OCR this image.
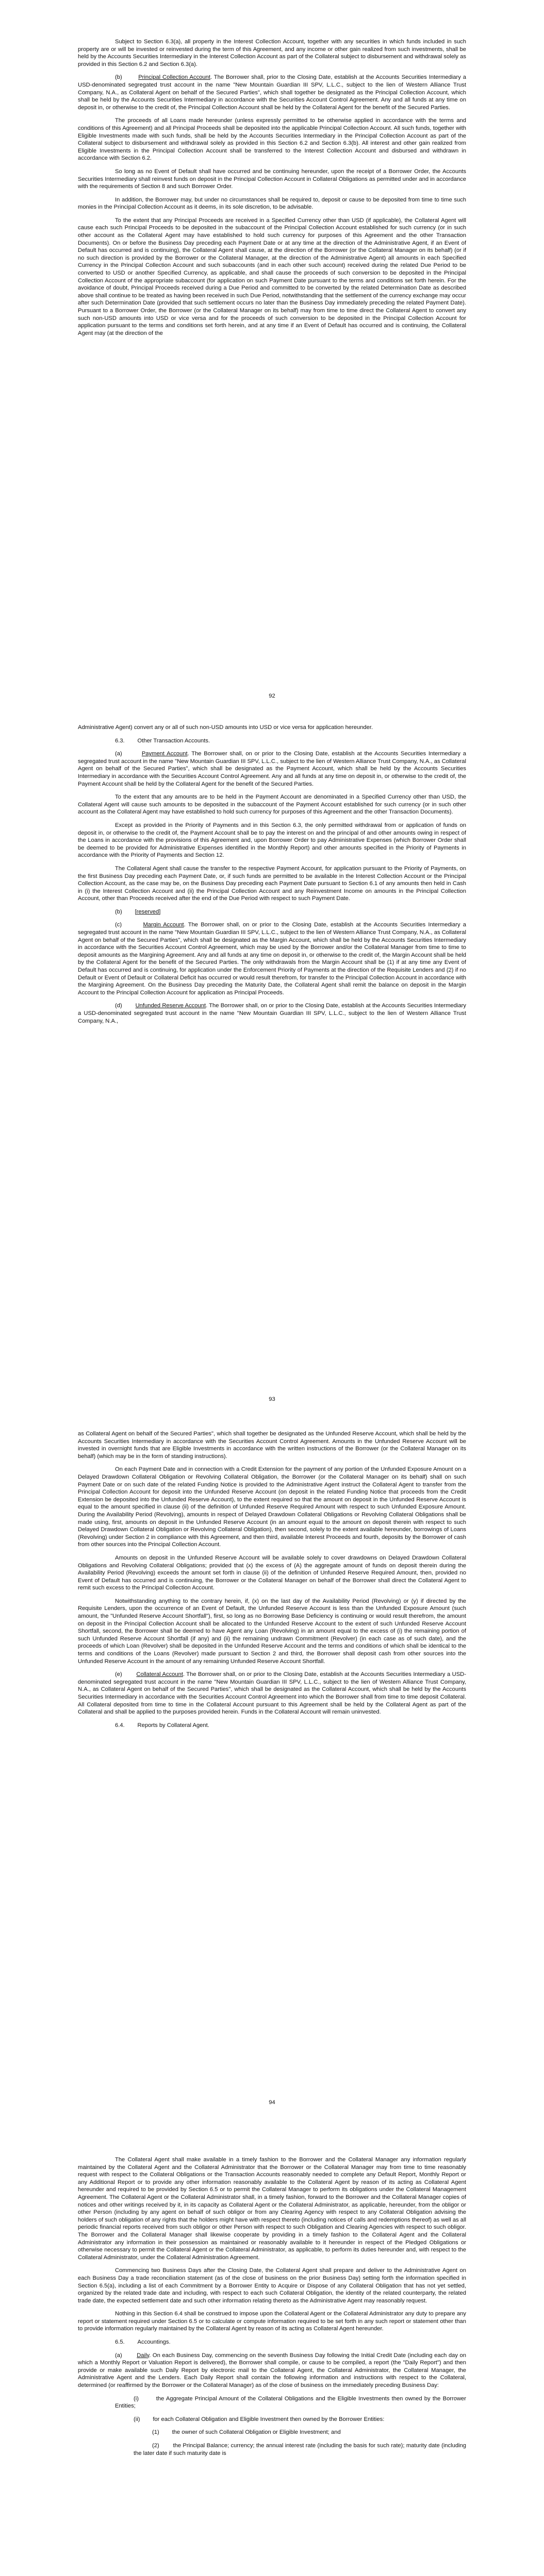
Subject to Section 6.3(a), all property in the Interest Collection Account, together with any securities in which funds included in such property are or will be invested or reinvested during the term of this Agreement, and any income or other gain realized from such investments, shall be held by the Accounts Securities Intermediary in the Interest Collection Account as part of the Collateral subject to disbursement and withdrawal solely as provided in this Section 6.2 and Section 6.3(a).

(b)	Principal Collection Account. The Borrower shall, prior to the Closing Date, establish at the Accounts Securities Intermediary a USD-denominated segregated trust account in the name "New Mountain Guardian III SPV, L.L.C., subject to the lien of Western Alliance Trust Company, N.A., as Collateral Agent on behalf of the Secured Parties", which shall together be designated as the Principal Collection Account, which shall be held by the Accounts Securities Intermediary in accordance with the Securities Account Control Agreement. Any and all funds at any time on deposit in, or otherwise to the credit of, the Principal Collection Account shall be held by the Collateral Agent for the benefit of the Secured Parties.

The proceeds of all Loans made hereunder (unless expressly permitted to be otherwise applied in accordance with the terms and conditions of this Agreement) and all Principal Proceeds shall be deposited into the applicable Principal Collection Account. All such funds, together with Eligible Investments made with such funds, shall be held by the Accounts Securities Intermediary in the Principal Collection Account as part of the Collateral subject to disbursement and withdrawal solely as provided in this Section 6.2 and Section 6.3(b). All interest and other gain realized from Eligible Investments in the Principal Collection Account shall be transferred to the Interest Collection Account and disbursed and withdrawn in accordance with Section 6.2.

So long as no Event of Default shall have occurred and be continuing hereunder, upon the receipt of a Borrower Order, the Accounts Securities Intermediary shall reinvest funds on deposit in the Principal Collection Account in Collateral Obligations as permitted under and in accordance with the requirements of Section 8 and such Borrower Order.

In addition, the Borrower may, but under no circumstances shall be required to, deposit or cause to be deposited from time to time such monies in the Principal Collection Account as it deems, in its sole discretion, to be advisable.

To the extent that any Principal Proceeds are received in a Specified Currency other than USD (if applicable), the Collateral Agent will cause each such Principal Proceeds to be deposited in the subaccount of the Principal Collection Account established for such currency (or in such other account as the Collateral Agent may have established to hold such currency for purposes of this Agreement and the other Transaction Documents). On or before the Business Day preceding each Payment Date or at any time at the direction of the Administrative Agent, if an Event of Default has occurred and is continuing), the Collateral Agent shall cause, at the direction of the Borrower (or the Collateral Manager on its behalf) (or if no such direction is provided by the Borrower or the Collateral Manager, at the direction of the Administrative Agent) all amounts in each Specified Currency in the Principal Collection Account and such subaccounts (and in each other such account) received during the related Due Period to be converted to USD or another Specified Currency, as applicable, and shall cause the proceeds of such conversion to be deposited in the Principal Collection Account of the appropriate subaccount (for application on such Payment Date pursuant to the terms and conditions set forth herein. For the avoidance of doubt, Principal Proceeds received during a Due Period and committed to be converted by the related Determination Date as described above shall continue to be treated as having been received in such Due Period, notwithstanding that the settlement of the currency exchange may occur after such Determination Date (provided that such settlement occurs no later than the Business Day immediately preceding the related Payment Date). Pursuant to a Borrower Order, the Borrower (or the Collateral Manager on its behalf) may from time to time direct the Collateral Agent to convert any such non-USD amounts into USD or vice versa and for the proceeds of such conversion to be deposited in the Principal Collection Account for application pursuant to the terms and conditions set forth herein, and at any time if an Event of Default has occurred and is continuing, the Collateral Agent may (at the direction of the

92

Administrative Agent) convert any or all of such non-USD amounts into USD or vice versa for application hereunder.

6.3. Other Transaction Accounts.

(a)	Payment Account. The Borrower shall, on or prior to the Closing Date, establish at the Accounts Securities Intermediary a segregated trust account in the name "New Mountain Guardian III SPV, L.L.C., subject to the lien of Western Alliance Trust Company, N.A., as Collateral Agent on behalf of the Secured Parties", which shall be designated as the Payment Account, which shall be held by the Accounts Securities Intermediary in accordance with the Securities Account Control Agreement. Any and all funds at any time on deposit in, or otherwise to the credit of, the Payment Account shall be held by the Collateral Agent for the benefit of the Secured Parties.

To the extent that any amounts are to be held in the Payment Account are denominated in a Specified Currency other than USD, the Collateral Agent will cause such amounts to be deposited in the subaccount of the Payment Account established for such currency (or in such other account as the Collateral Agent may have established to hold such currency for purposes of this Agreement and the other Transaction Documents).

Except as provided in the Priority of Payments and in this Section 6.3, the only permitted withdrawal from or application of funds on deposit in, or otherwise to the credit of, the Payment Account shall be to pay the interest on and the principal of and other amounts owing in respect of the Loans in accordance with the provisions of this Agreement and, upon Borrower Order to pay Administrative Expenses (which Borrower Order shall be deemed to be provided for Administrative Expenses identified in the Monthly Report) and other amounts specified in the Priority of Payments in accordance with the Priority of Payments and Section 12.

The Collateral Agent shall cause the transfer to the respective Payment Account, for application pursuant to the Priority of Payments, on the first Business Day preceding each Payment Date, or, if such funds are permitted to be available in the Interest Collection Account or the Principal Collection Account, as the case may be, on the Business Day preceding each Payment Date pursuant to Section 6.1 of any amounts then held in Cash in (i) the Interest Collection Account and (ii) the Principal Collection Account and any Reinvestment Income on amounts in the Principal Collection Account, other than Proceeds received after the end of the Due Period with respect to such Payment Date.

(b) [reserved]

(c)	Margin Account. The Borrower shall, on or prior to the Closing Date, establish at the Accounts Securities Intermediary a segregated trust account in the name "New Mountain Guardian III SPV, L.L.C., subject to the lien of Western Alliance Trust Company, N.A., as Collateral Agent on behalf of the Secured Parties", which shall be designated as the Margin Account, which shall be held by the Accounts Securities Intermediary in accordance with the Securities Account Control Agreement, which may be used by the Borrower and/or the Collateral Manager from time to time to deposit amounts as the Margining Agreement. Any and all funds at any time on deposit in, or otherwise to the credit of, the Margin Account shall be held by the Collateral Agent for the benefit of the Secured Parties. The only withdrawals from the Margin Account shall be (1) if at any time any Event of Default has occurred and is continuing, for application under the Enforcement Priority of Payments at the direction of the Requisite Lenders and (2) if no Default or Event of Default or Collateral Deficit has occurred or would result therefrom, for transfer to the Principal Collection Account in accordance with the Margining Agreement. On the Business Day preceding the Maturity Date, the Collateral Agent shall remit the balance on deposit in the Margin Account to the Principal Collection Account for application as Principal Proceeds.

(d) Unfunded Reserve Account. The Borrower shall, on or prior to the Closing Date, establish at the Accounts Securities Intermediary a USD-denominated segregated trust account in the name "New Mountain Guardian III SPV, L.L.C., subject to the lien of Western Alliance Trust Company, N.A.,

93

as Collateral Agent on behalf of the Secured Parties", which shall together be designated as the Unfunded Reserve Account, which shall be held by the Accounts Securities Intermediary in accordance with the Securities Account Control Agreement. Amounts in the Unfunded Reserve Account will be invested in overnight funds that are Eligible Investments in accordance with the written instructions of the Borrower (or the Collateral Manager on its behalf) (which may be in the form of standing instructions).

On each Payment Date and in connection with a Credit Extension for the payment of any portion of the Unfunded Exposure Amount on a Delayed Drawdown Collateral Obligation or Revolving Collateral Obligation, the Borrower (or the Collateral Manager on its behalf) shall on such Payment Date or on such date of the related Funding Notice is provided to the Administrative Agent instruct the Collateral Agent to transfer from the Principal Collection Account for deposit into the Unfunded Reserve Account (on deposit in the related Funding Notice that proceeds from the Credit Extension be deposited into the Unfunded Reserve Account), to the extent required so that the amount on deposit in the Unfunded Reserve Account is equal to the amount specified in clause (ii) of the definition of Unfunded Reserve Required Amount with respect to such Unfunded Exposure Amount. During the Availability Period (Revolving), amounts in respect of Delayed Drawdown Collateral Obligations or Revolving Collateral Obligations shall be made using, first, amounts on deposit in the Unfunded Reserve Account (in an amount equal to the amount on deposit therein with respect to such Delayed Drawdown Collateral Obligation or Revolving Collateral Obligation), then second, solely to the extent available hereunder, borrowings of Loans (Revolving) under Section 2 in compliance with this Agreement, and then third, available Interest Proceeds and fourth, deposits by the Borrower of cash from other sources into the Principal Collection Account.

Amounts on deposit in the Unfunded Reserve Account will be available solely to cover drawdowns on Delayed Drawdown Collateral Obligations and Revolving Collateral Obligations; provided that (x) the excess of (A) the aggregate amount of funds on deposit therein during the Availability Period (Revolving) exceeds the amount set forth in clause (ii) of the definition of Unfunded Reserve Required Amount, then, provided no Event of Default has occurred and is continuing, the Borrower or the Collateral Manager on behalf of the Borrower shall direct the Collateral Agent to remit such excess to the Principal Collection Account.

Notwithstanding anything to the contrary herein, if, (x) on the last day of the Availability Period (Revolving) or (y) if directed by the Requisite Lenders, upon the occurrence of an Event of Default, the Unfunded Reserve Account is less than the Unfunded Exposure Amount (such amount, the "Unfunded Reserve Account Shortfall"), first, so long as no Borrowing Base Deficiency is continuing or would result therefrom, the amount on deposit in the Principal Collection Account shall be allocated to the Unfunded Reserve Account to the extent of such Unfunded Reserve Account Shortfall, second, the Borrower shall be deemed to have Agent any Loan (Revolving) in an amount equal to the excess of (i) the remaining portion of such Unfunded Reserve Account Shortfall (if any) and (ii) the remaining undrawn Commitment (Revolver) (in each case as of such date), and the proceeds of which Loan (Revolver) shall be deposited in the Unfunded Reserve Account and the terms and conditions of which shall be identical to the terms and conditions of the Loans (Revolver) made pursuant to Section 2 and third, the Borrower shall deposit cash from other sources into the Unfunded Reserve Account in the amount of any remaining Unfunded Reserve Account Shortfall.

(e) Collateral Account. The Borrower shall, on or prior to the Closing Date, establish at the Accounts Securities Intermediary a USD-denominated segregated trust account in the name "New Mountain Guardian III SPV, L.L.C., subject to the lien of Western Alliance Trust Company, N.A., as Collateral Agent on behalf of the Secured Parties", which shall be designated as the Collateral Account, which shall be held by the Accounts Securities Intermediary in accordance with the Securities Account Control Agreement into which the Borrower shall from time to time deposit Collateral. All Collateral deposited from time to time in the Collateral Account pursuant to this Agreement shall be held by the Collateral Agent as part of the Collateral and shall be applied to the purposes provided herein. Funds in the Collateral Account will remain uninvested.

6.4. Reports by Collateral Agent.

94

The Collateral Agent shall make available in a timely fashion to the Borrower and the Collateral Manager any information regularly maintained by the Collateral Agent and the Collateral Administrator that the Borrower or the Collateral Manager may from time to time reasonably request with respect to the Collateral Obligations or the Transaction Accounts reasonably needed to complete any Default Report, Monthly Report or any Additional Report or to provide any other information reasonably available to the Collateral Agent by reason of its acting as Collateral Agent hereunder and required to be provided by Section 6.5 or to permit the Collateral Manager to perform its obligations under the Collateral Management Agreement. The Collateral Agent or the Collateral Administrator shall, in a timely fashion, forward to the Borrower and the Collateral Manager copies of notices and other writings received by it, in its capacity as Collateral Agent or the Collateral Administrator, as applicable, hereunder, from the obligor or other Person (including by any agent on behalf of such obligor or from any Clearing Agency with respect to any Collateral Obligation advising the holders of such obligation of any rights that the holders might have with respect thereto (including notices of calls and redemptions thereof) as well as all periodic financial reports received from such obligor or other Person with respect to such Obligation and Clearing Agencies with respect to such obligor. The Borrower and the Collateral Manager shall likewise cooperate by providing in a timely fashion to the Collateral Agent and the Collateral Administrator any information in their possession as maintained or reasonably available to it hereunder in respect of the Pledged Obligations or otherwise necessary to permit the Collateral Agent or the Collateral Administrator, as applicable, to perform its duties hereunder and, with respect to the Collateral Administrator, under the Collateral Administration Agreement.

Commencing two Business Days after the Closing Date, the Collateral Agent shall prepare and deliver to the Administrative Agent on each Business Day a trade reconciliation statement (as of the close of business on the prior Business Day) setting forth the information specified in Section 6.5(a), including a list of each Commitment by a Borrower Entity to Acquire or Dispose of any Collateral Obligation that has not yet settled, organized by the related trade date and including, with respect to each such Collateral Obligation, the identity of the related counterparty, the related trade date, the expected settlement date and such other information relating thereto as the Administrative Agent may reasonably request.

Nothing in this Section 6.4 shall be construed to impose upon the Collateral Agent or the Collateral Administrator any duty to prepare any report or statement required under Section 6.5 or to calculate or compute information required to be set forth in any such report or statement other than to provide information regularly maintained by the Collateral Agent by reason of its acting as Collateral Agent hereunder.

6.5. Accountings.

(a)	Daily. On each Business Day, commencing on the seventh Business Day following the Initial Credit Date (including each day on which a Monthly Report or Valuation Report is delivered), the Borrower shall compile, or cause to be compiled, a report (the "Daily Report") and then provide or make available such Daily Report by electronic mail to the Collateral Agent, the Collateral Administrator, the Collateral Manager, the Administrative Agent and the Lenders. Each Daily Report shall contain the following information and instructions with respect to the Collateral, determined (or reaffirmed by the Borrower or the Collateral Manager) as of the close of business on the immediately preceding Business Day:

(i)	the Aggregate Principal Amount of the Collateral Obligations and the Eligible Investments then owned by the Borrower Entities;

(ii) for each Collateral Obligation and Eligible Investment then owned by the Borrower Entities:

(1) the owner of such Collateral Obligation or Eligible Investment; and

(2) the Principal Balance; currency; the annual interest rate (including the basis for such rate); maturity date (including the later date if such maturity date is
